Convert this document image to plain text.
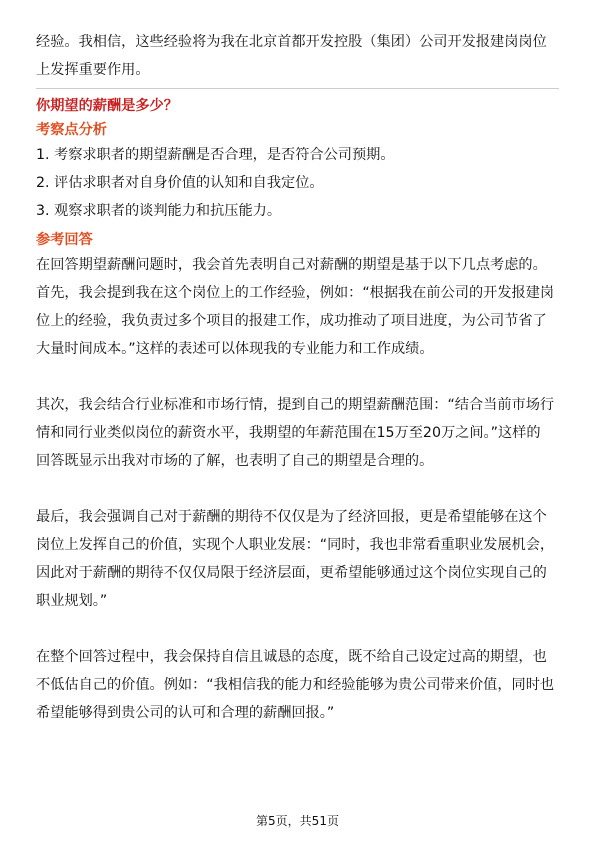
经验。我相信，这些经验将为我在北京首都开发控股（集团）公司开发报建岗岗位

上发挥重要作用。

你期望的薪酬是多少？

考察点分析

1. 考察求职者的期望薪酬是否合理，是否符合公司预期。
2. 评估求职者对自身价值的认知和自我定位。
3. 观察求职者的谈判能力和抗压能力。

参考回答

在回答期望薪酬问题时，我会首先表明自己对薪酬的期望是基于以下几点考虑的。

首先，我会提到我在这个岗位上的工作经验，例如：“根据我在前公司的开发报建岗

位上的经验，我负责过多个项目的报建工作，成功推动了项目进度，为公司节省了

大量时间成本。”这样的表述可以体现我的专业能力和工作成绩。

其次，我会结合行业标准和市场行情，提到自己的期望薪酬范围：“结合当前市场行

情和同行业类似岗位的薪资水平，我期望的年薪范围在15万至20万之间。”这样的

回答既显示出我对市场的了解，也表明了自己的期望是合理的。

最后，我会强调自己对于薪酬的期待不仅仅是为了经济回报，更是希望能够在这个

岗位上发挥自己的价值，实现个人职业发展：“同时，我也非常看重职业发展机会，

因此对于薪酬的期待不仅仅局限于经济层面，更希望能够通过这个岗位实现自己的

职业规划。”

在整个回答过程中，我会保持自信且诚恳的态度，既不给自己设定过高的期望，也

不低估自己的价值。例如：“我相信我的能力和经验能够为贵公司带来价值，同时也

希望能够得到贵公司的认可和合理的薪酬回报。”

第5页，共51页
